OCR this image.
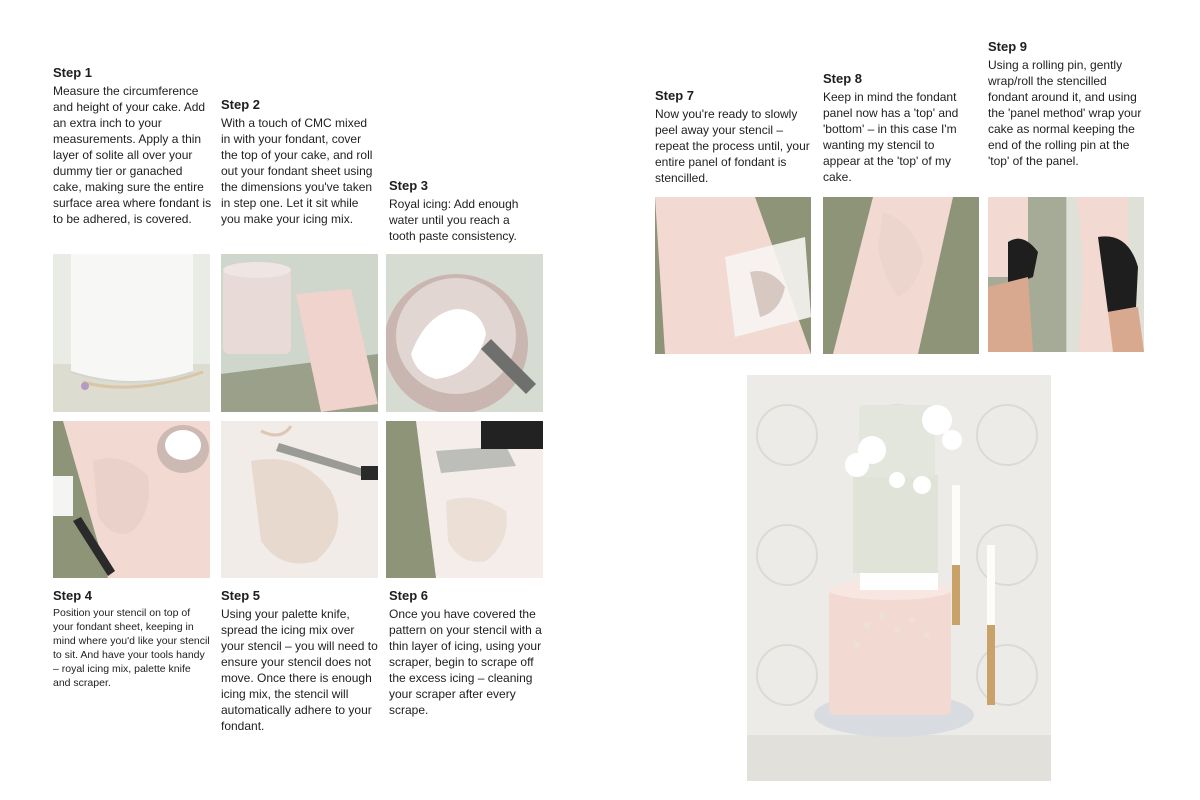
Step 1

Measure the circumference and height of your cake. Add an extra inch to your measurements. Apply a thin layer of solite all over your dummy tier or ganached cake, making sure the entire surface area where fondant is to be adhered, is covered.

Step 2

With a touch of CMC mixed in with your fondant, cover the top of your cake, and roll out your fondant sheet using the dimensions you've taken in step one. Let it sit while you make your icing mix.

Step 3

Royal icing: Add enough water until you reach a tooth paste consistency.

Step 4

Position your stencil on top of your fondant sheet, keeping in mind where you'd like your stencil to sit. And have your tools handy – royal icing mix, palette knife and scraper.

Step 5

Using your palette knife, spread the icing mix over your stencil – you will need to ensure your stencil does not move. Once there is enough icing mix, the stencil will automatically adhere to your fondant.

Step 6

Once you have covered the pattern on your stencil with a thin layer of icing, using your scraper, begin to scrape off the excess icing – cleaning your scraper after every scrape.

Step 7

Now you're ready to slowly peel away your stencil – repeat the process until, your entire panel of fondant is stencilled.

Step 8

Keep in mind the fondant panel now has a 'top' and 'bottom' – in this case I'm wanting my stencil to appear at the 'top' of my cake.

Step 9

Using a rolling pin, gently wrap/roll the stencilled fondant around it, and using the 'panel method' wrap your cake as normal keeping the end of the rolling pin at the 'top' of the panel.
